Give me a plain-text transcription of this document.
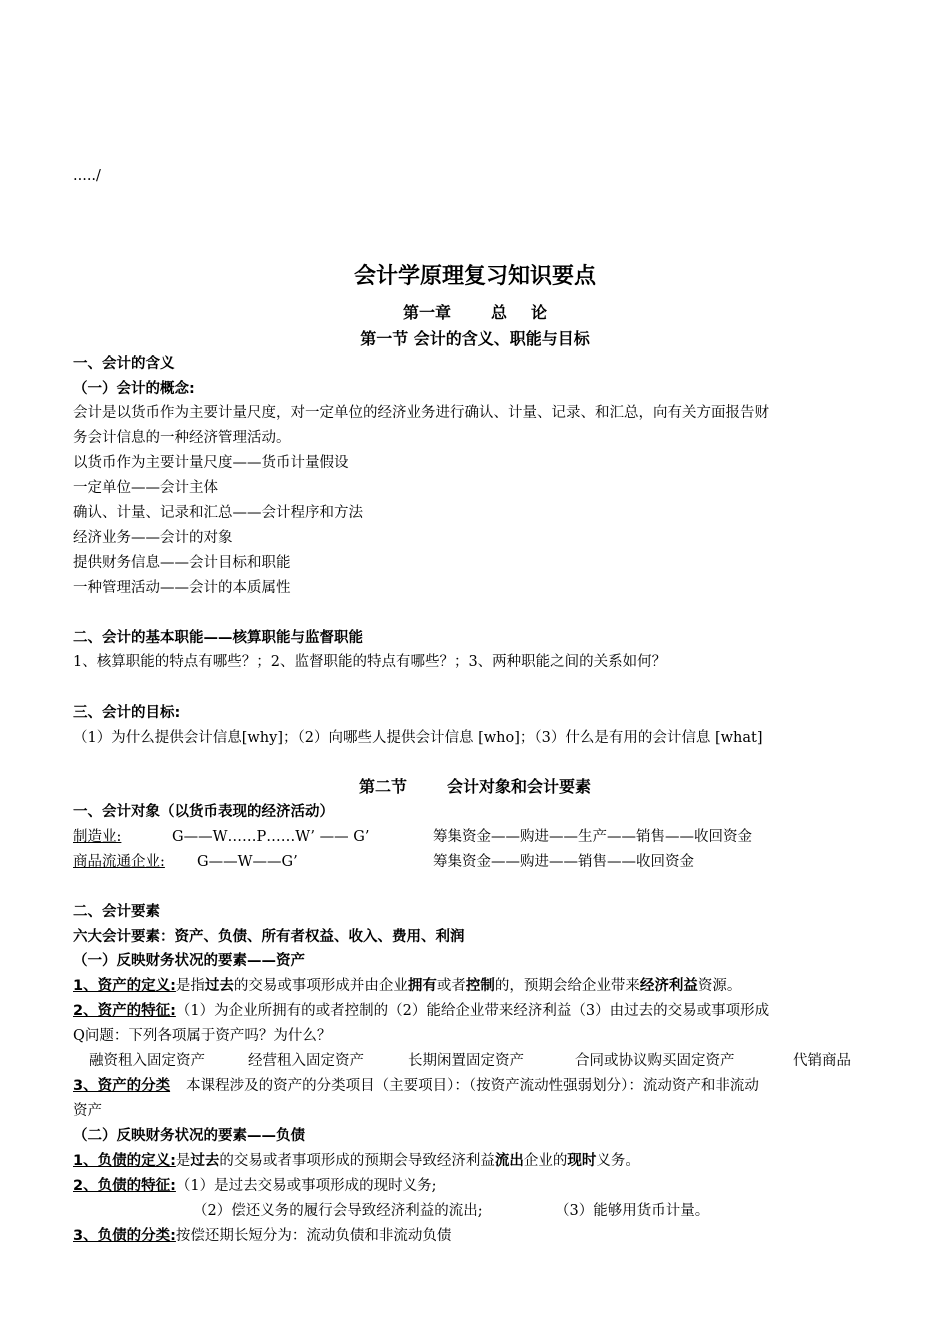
...../
会计学原理复习知识要点
第一章	总 论
第一节 会计的含义、职能与目标
一、会计的含义
（一）会计的概念:
会计是以货币作为主要计量尺度，对一定单位的经济业务进行确认、计量、记录、和汇总，向有关方面报告财
务会计信息的一种经济管理活动。
以货币作为主要计量尺度——货币计量假设
一定单位——会计主体
确认、计量、记录和汇总——会计程序和方法
经济业务——会计的对象
提供财务信息——会计目标和职能
一种管理活动——会计的本质属性
二、会计的基本职能——核算职能与监督职能
1、核算职能的特点有哪些？；2、监督职能的特点有哪些？；3、两种职能之间的关系如何？
三、会计的目标:
（1）为什么提供会计信息[why]；（2）向哪些人提供会计信息 [who]；（3）什么是有用的会计信息 [what]
第二节	会计对象和会计要素
一、会计对象（以货币表现的经济活动）
制造业:	G——W……P……W’ —— G’	筹集资金——购进——生产——销售——收回资金
商品流通企业:	G——W——G’	筹集资金——购进——销售——收回资金
二、会计要素
六大会计要素：资产、负债、所有者权益、收入、费用、利润
（一）反映财务状况的要素——资产
1、资产的定义:是指过去的交易或事项形成并由企业拥有或者控制的，预期会给企业带来经济利益资源。
2、资产的特征:（1）为企业所拥有的或者控制的（2）能给企业带来经济利益（3）由过去的交易或事项形成
Q问题：下列各项属于资产吗？为什么？
融资租入固定资产	经营租入固定资产	长期闲置固定资产	合同或协议购买固定资产	代销商品
3、资产的分类 本课程涉及的资产的分类项目（主要项目）：（按资产流动性强弱划分）：流动资产和非流动
资产
（二）反映财务状况的要素——负债
1、负债的定义:是过去的交易或者事项形成的预期会导致经济利益流出企业的现时义务。
2、负债的特征:（1）是过去交易或事项形成的现时义务;
（2）偿还义务的履行会导致经济利益的流出;	（3）能够用货币计量。
3、负债的分类:按偿还期长短分为：流动负债和非流动负债
